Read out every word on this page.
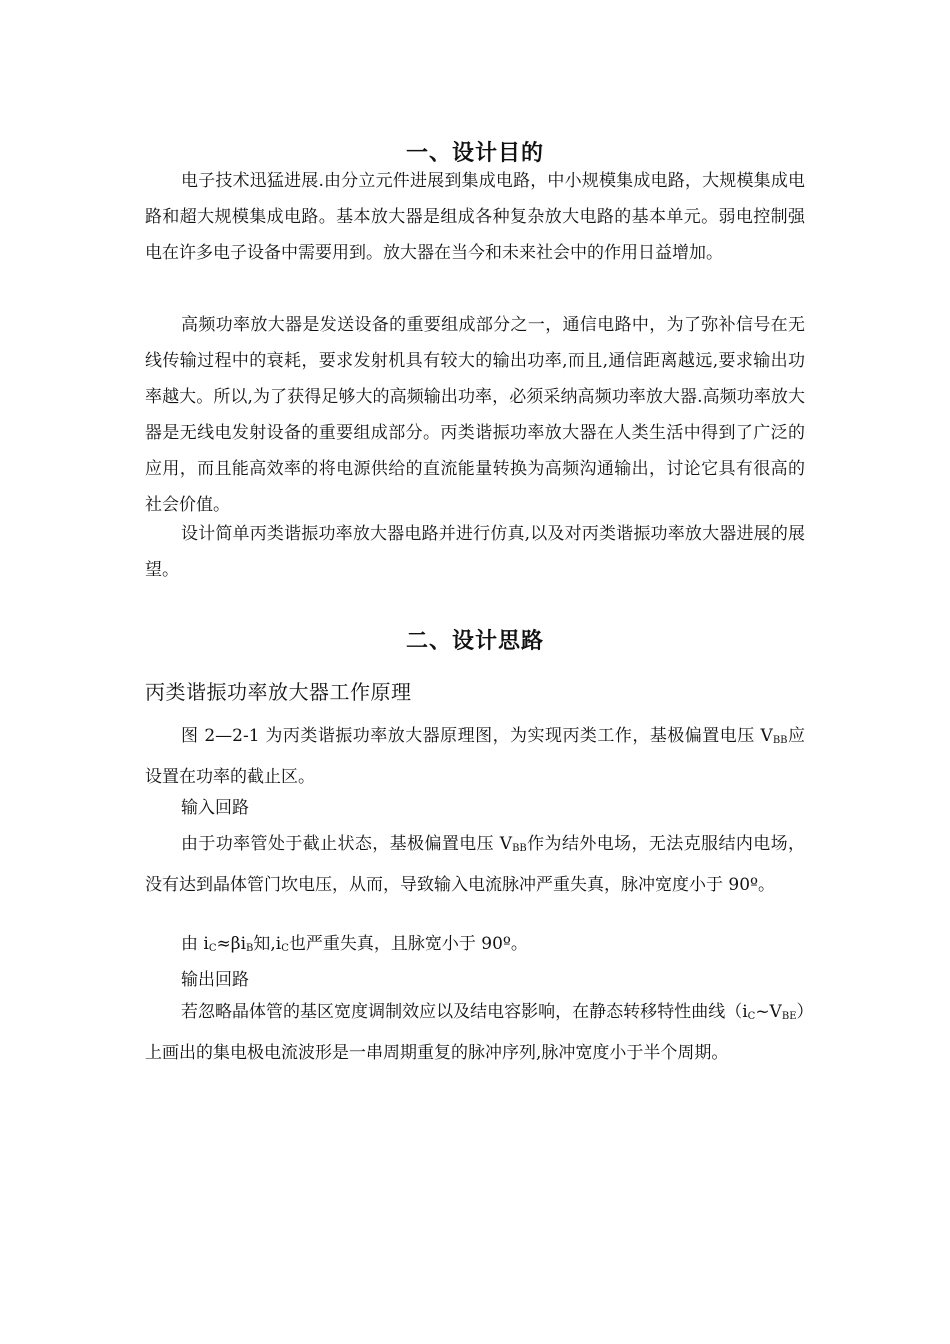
一、设计目的
电子技术迅猛进展.由分立元件进展到集成电路，中小规模集成电路，大规模集成电路和超大规模集成电路。基本放大器是组成各种复杂放大电路的基本单元。弱电控制强电在许多电子设备中需要用到。放大器在当今和未来社会中的作用日益增加。
高频功率放大器是发送设备的重要组成部分之一，通信电路中，为了弥补信号在无线传输过程中的衰耗，要求发射机具有较大的输出功率,而且,通信距离越远,要求输出功率越大。所以,为了获得足够大的高频输出功率，必须采纳高频功率放大器.高频功率放大器是无线电发射设备的重要组成部分。丙类谐振功率放大器在人类生活中得到了广泛的应用，而且能高效率的将电源供给的直流能量转换为高频沟通输出，讨论它具有很高的社会价值。
设计简单丙类谐振功率放大器电路并进行仿真,以及对丙类谐振功率放大器进展的展望。
二、设计思路
丙类谐振功率放大器工作原理
图 2—2-1 为丙类谐振功率放大器原理图，为实现丙类工作，基极偏置电压 $V_{BB}$应设置在功率的截止区。
输入回路
由于功率管处于截止状态，基极偏置电压 $V_{BB}$作为结外电场，无法克服结内电场，没有达到晶体管门坎电压，从而，导致输入电流脉冲严重失真，脉冲宽度小于 90º。
由 $i_C\approx\beta i_B$知$,i_C$也严重失真，且脉宽小于 90º。
输出回路
若忽略晶体管的基区宽度调制效应以及结电容影响，在静态转移特性曲线$(i_C\sim V_{BE})$上画出的集电极电流波形是一串周期重复的脉冲序列,脉冲宽度小于半个周期。
